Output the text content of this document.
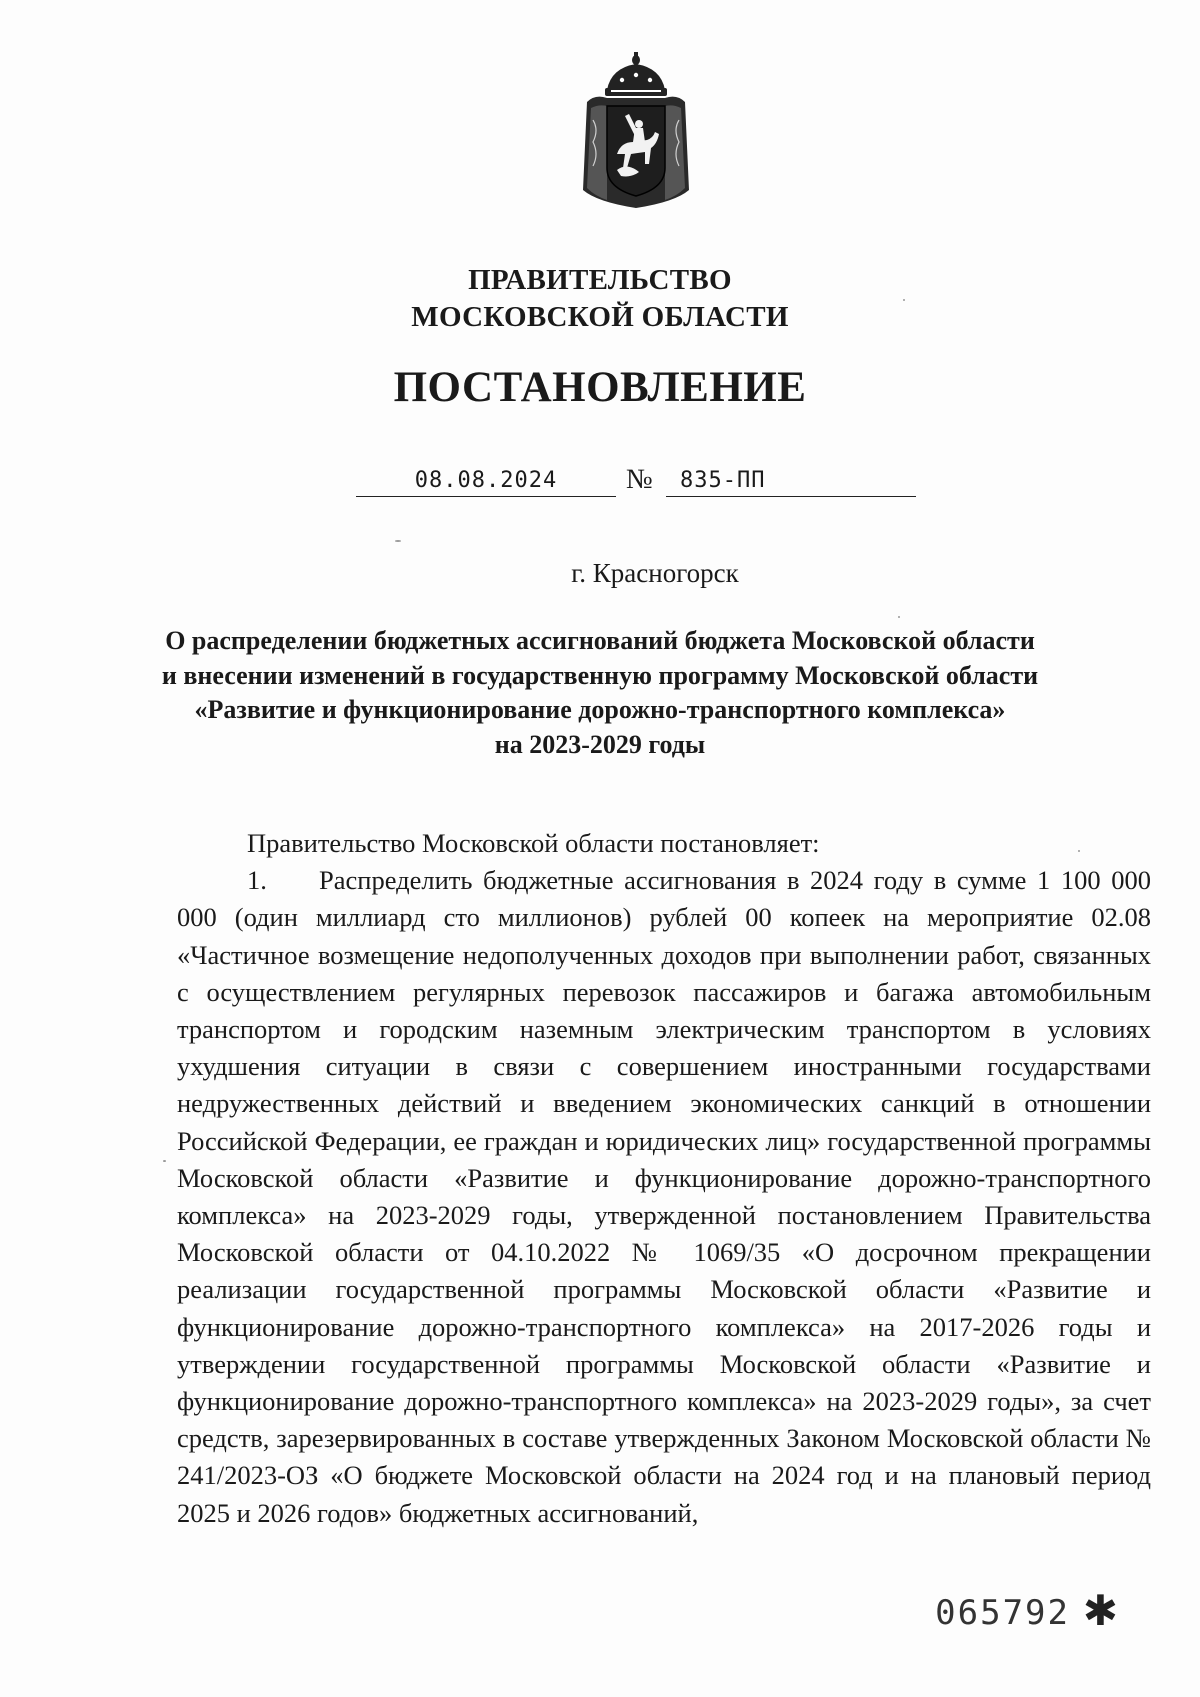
ПРАВИТЕЛЬСТВО
МОСКОВСКОЙ ОБЛАСТИ
ПОСТАНОВЛЕНИЕ
08.08.2024	№	835-ПП
г. Красногорск
О распределении бюджетных ассигнований бюджета Московской области
и внесении изменений в государственную программу Московской области
«Развитие и функционирование дорожно-транспортного комплекса»
на 2023-2029 годы
Правительство Московской области постановляет:
1. Распределить бюджетные ассигнования в 2024 году в сумме 1 100 000 000 (один миллиард сто миллионов) рублей 00 копеек на мероприятие 02.08 «Частичное возмещение недополученных доходов при выполнении работ, связанных с осуществлением регулярных перевозок пассажиров и багажа автомобильным транспортом и городским наземным электрическим транспортом в условиях ухудшения ситуации в связи с совершением иностранными государствами недружественных действий и введением экономических санкций в отношении Российской Федерации, ее граждан и юридических лиц» государственной программы Московской области «Развитие и функционирование дорожно-транспортного комплекса» на 2023-2029 годы, утвержденной постановлением Правительства Московской области от 04.10.2022 № 1069/35 «О досрочном прекращении реализации государственной программы Московской области «Развитие и функционирование дорожно-транспортного комплекса» на 2017-2026 годы и утверждении государственной программы Московской области «Развитие и функционирование дорожно-транспортного комплекса» на 2023-2029 годы», за счет средств, зарезервированных в составе утвержденных Законом Московской области № 241/2023-ОЗ «О бюджете Московской области на 2024 год и на плановый период 2025 и 2026 годов» бюджетных ассигнований,
065792 ✱
